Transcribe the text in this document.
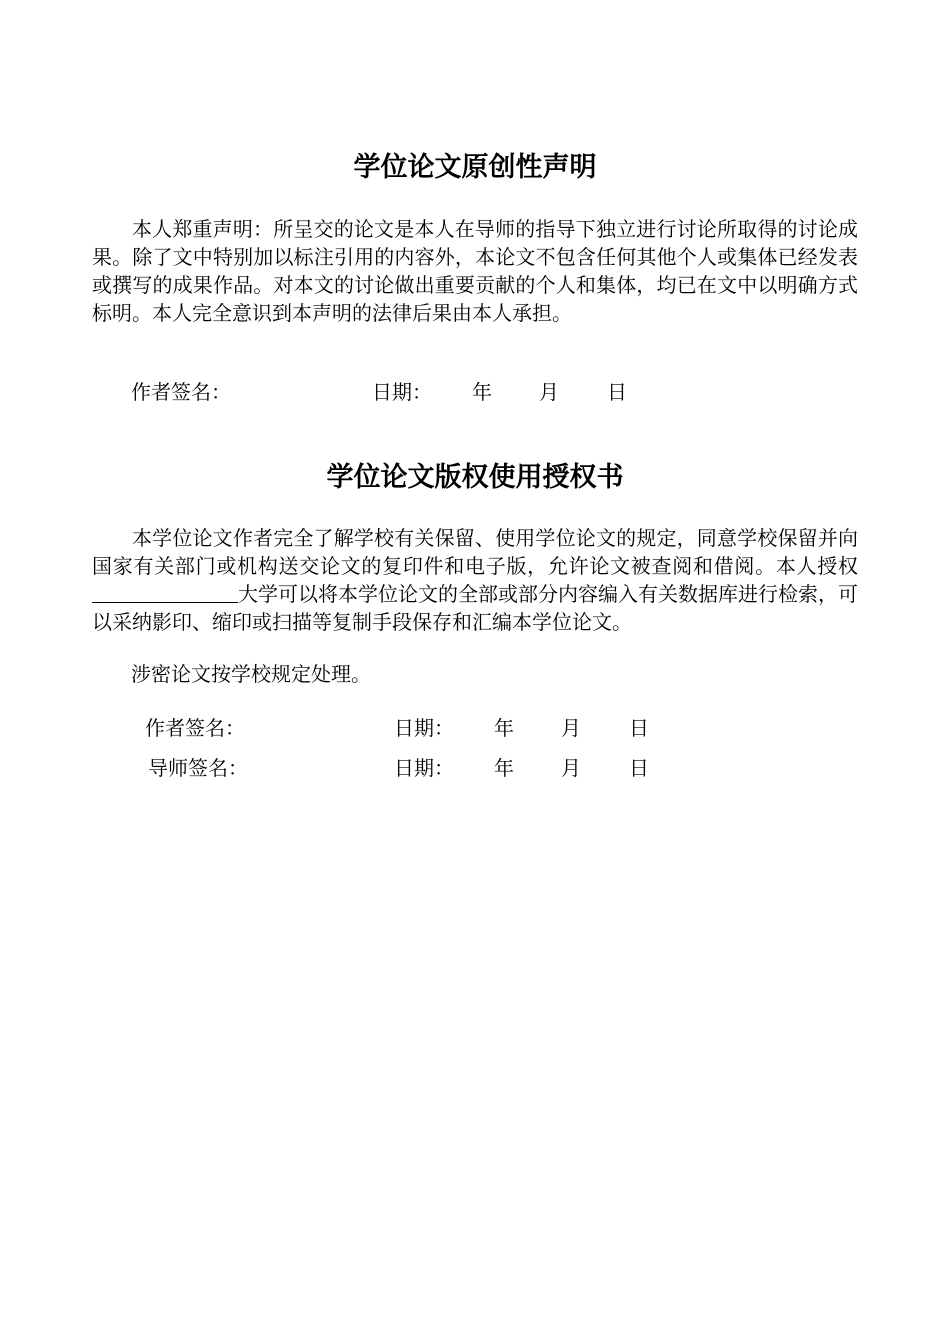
学位论文原创性声明
本人郑重声明：所呈交的论文是本人在导师的指导下独立进行讨论所取得的讨论成果。除了文中特别加以标注引用的内容外，本论文不包含任何其他个人或集体已经发表或撰写的成果作品。对本文的讨论做出重要贡献的个人和集体，均已在文中以明确方式标明。本人完全意识到本声明的法律后果由本人承担。
作者签名：	日期： 年 月 日
学位论文版权使用授权书
本学位论文作者完全了解学校有关保留、使用学位论文的规定，同意学校保留并向国家有关部门或机构送交论文的复印件和电子版，允许论文被查阅和借阅。本人授权大学可以将本学位论文的全部或部分内容编入有关数据库进行检索，可以采纳影印、缩印或扫描等复制手段保存和汇编本学位论文。
涉密论文按学校规定处理。
作者签名：	日期： 年 月 日
导师签名：	日期： 年 月 日
